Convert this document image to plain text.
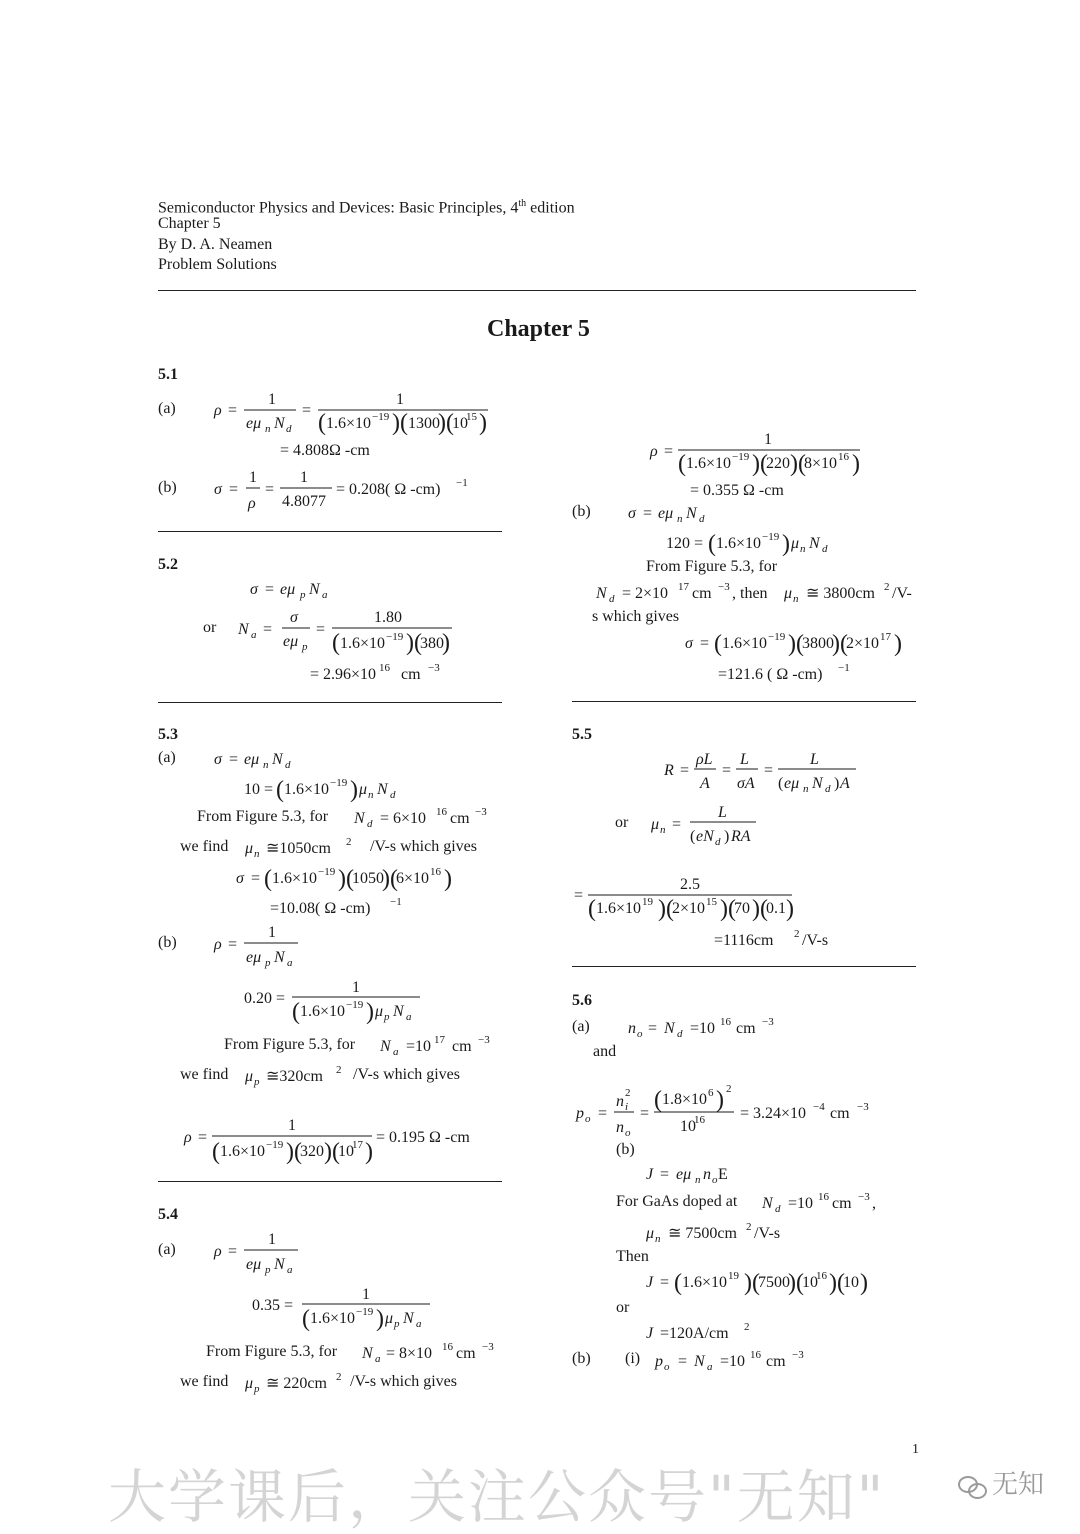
Semiconductor Physics and Devices: Basic Principles, 4th edition
Chapter 5
By D. A. Neamen
Problem Solutions
Chapter 5
5.1
(a)
(b)
5.2
or
5.3
(a)
From Figure 5.3, for
we find	/V-s which gives
(b)
From Figure 5.3, for
we find	/V-s which gives
5.4
(a)
From Figure 5.3, for
we find	/V-s which gives
(b)
From Figure 5.3, for
s which gives
5.5
or
5.6
(a)
and
(b)
For GaAs doped at
Then
or
(b) (i)
ρ =
1
eμ n N d
=
1
( 1.6×10 −19 )( 1300
)(
10
15 )
= 4.808Ω -cm
σ =
1
ρ
=
1
4.8077
= 0.208( Ω -cm) −1
σ = eμ p N a
N a =
σ
eμ p
=
1.80
( 1.6×10 −19 )(
380
)
= 2.96×10 16 cm −3
σ = eμ n N d
10 = ( 1.6×10 −19 ) μ n N d
N d = 6×10 16 cm −3
μ n ≅1050cm 2
σ = ( 1.6×10 −19 )(
1050
)(
6×10 16 )
=10.08( Ω -cm) −1
ρ =
1
eμ p N a
0.20 =
1
( 1.6×10 −19 ) μ p N a
N a =10 17 cm −3
μ p ≅320cm 2
ρ =
1
( 1.6×10 −19 )(
320 )(
10
17 )
= 0.195 Ω -cm
ρ =
1
eμ p N a
0.35 =
1
( 1.6×10 −19 ) μ p N a
N a = 8×10 16 cm −3
μ p ≅ 220cm 2
ρ =
1
( 1.6×10 −19 )(
220 )(
8×10 16 )
= 0.355 Ω -cm
σ = eμ n N d
120 = ( 1.6×10 −19 ) μ n N d
N d = 2×10 17 cm −3 , then μ n ≅ 3800cm 2 /V-
σ = ( 1.6×10 −19 )(
3800
)(
2×10 17 )
=121.6 ( Ω -cm) −1
R =
ρL
A
=
L
σA
=
L
( eμ n N d ) A
μ n =
L
( eN d ) RA
=
2.5
( 1.6×10 19 )(
2×10 15 )(
70 )(
0.1 )
=1116cm 2 /V-s
n o = N d =10 16 cm −3
p o =
n 2
i
n o
=
( 1.8×10 6 ) 2
10
16 = 3.24×10 −4 cm −3
J = eμ n n o E
N d =10 16 cm −3 ,
μ n ≅ 7500cm 2 /V-s
J = ( 1.6×10 19 )(
7500
)(
10
16 )(
10 )
J =120A/cm 2
p o = N a =10 16 cm −3
1
大学课后，关注公众号"无知"	无知
